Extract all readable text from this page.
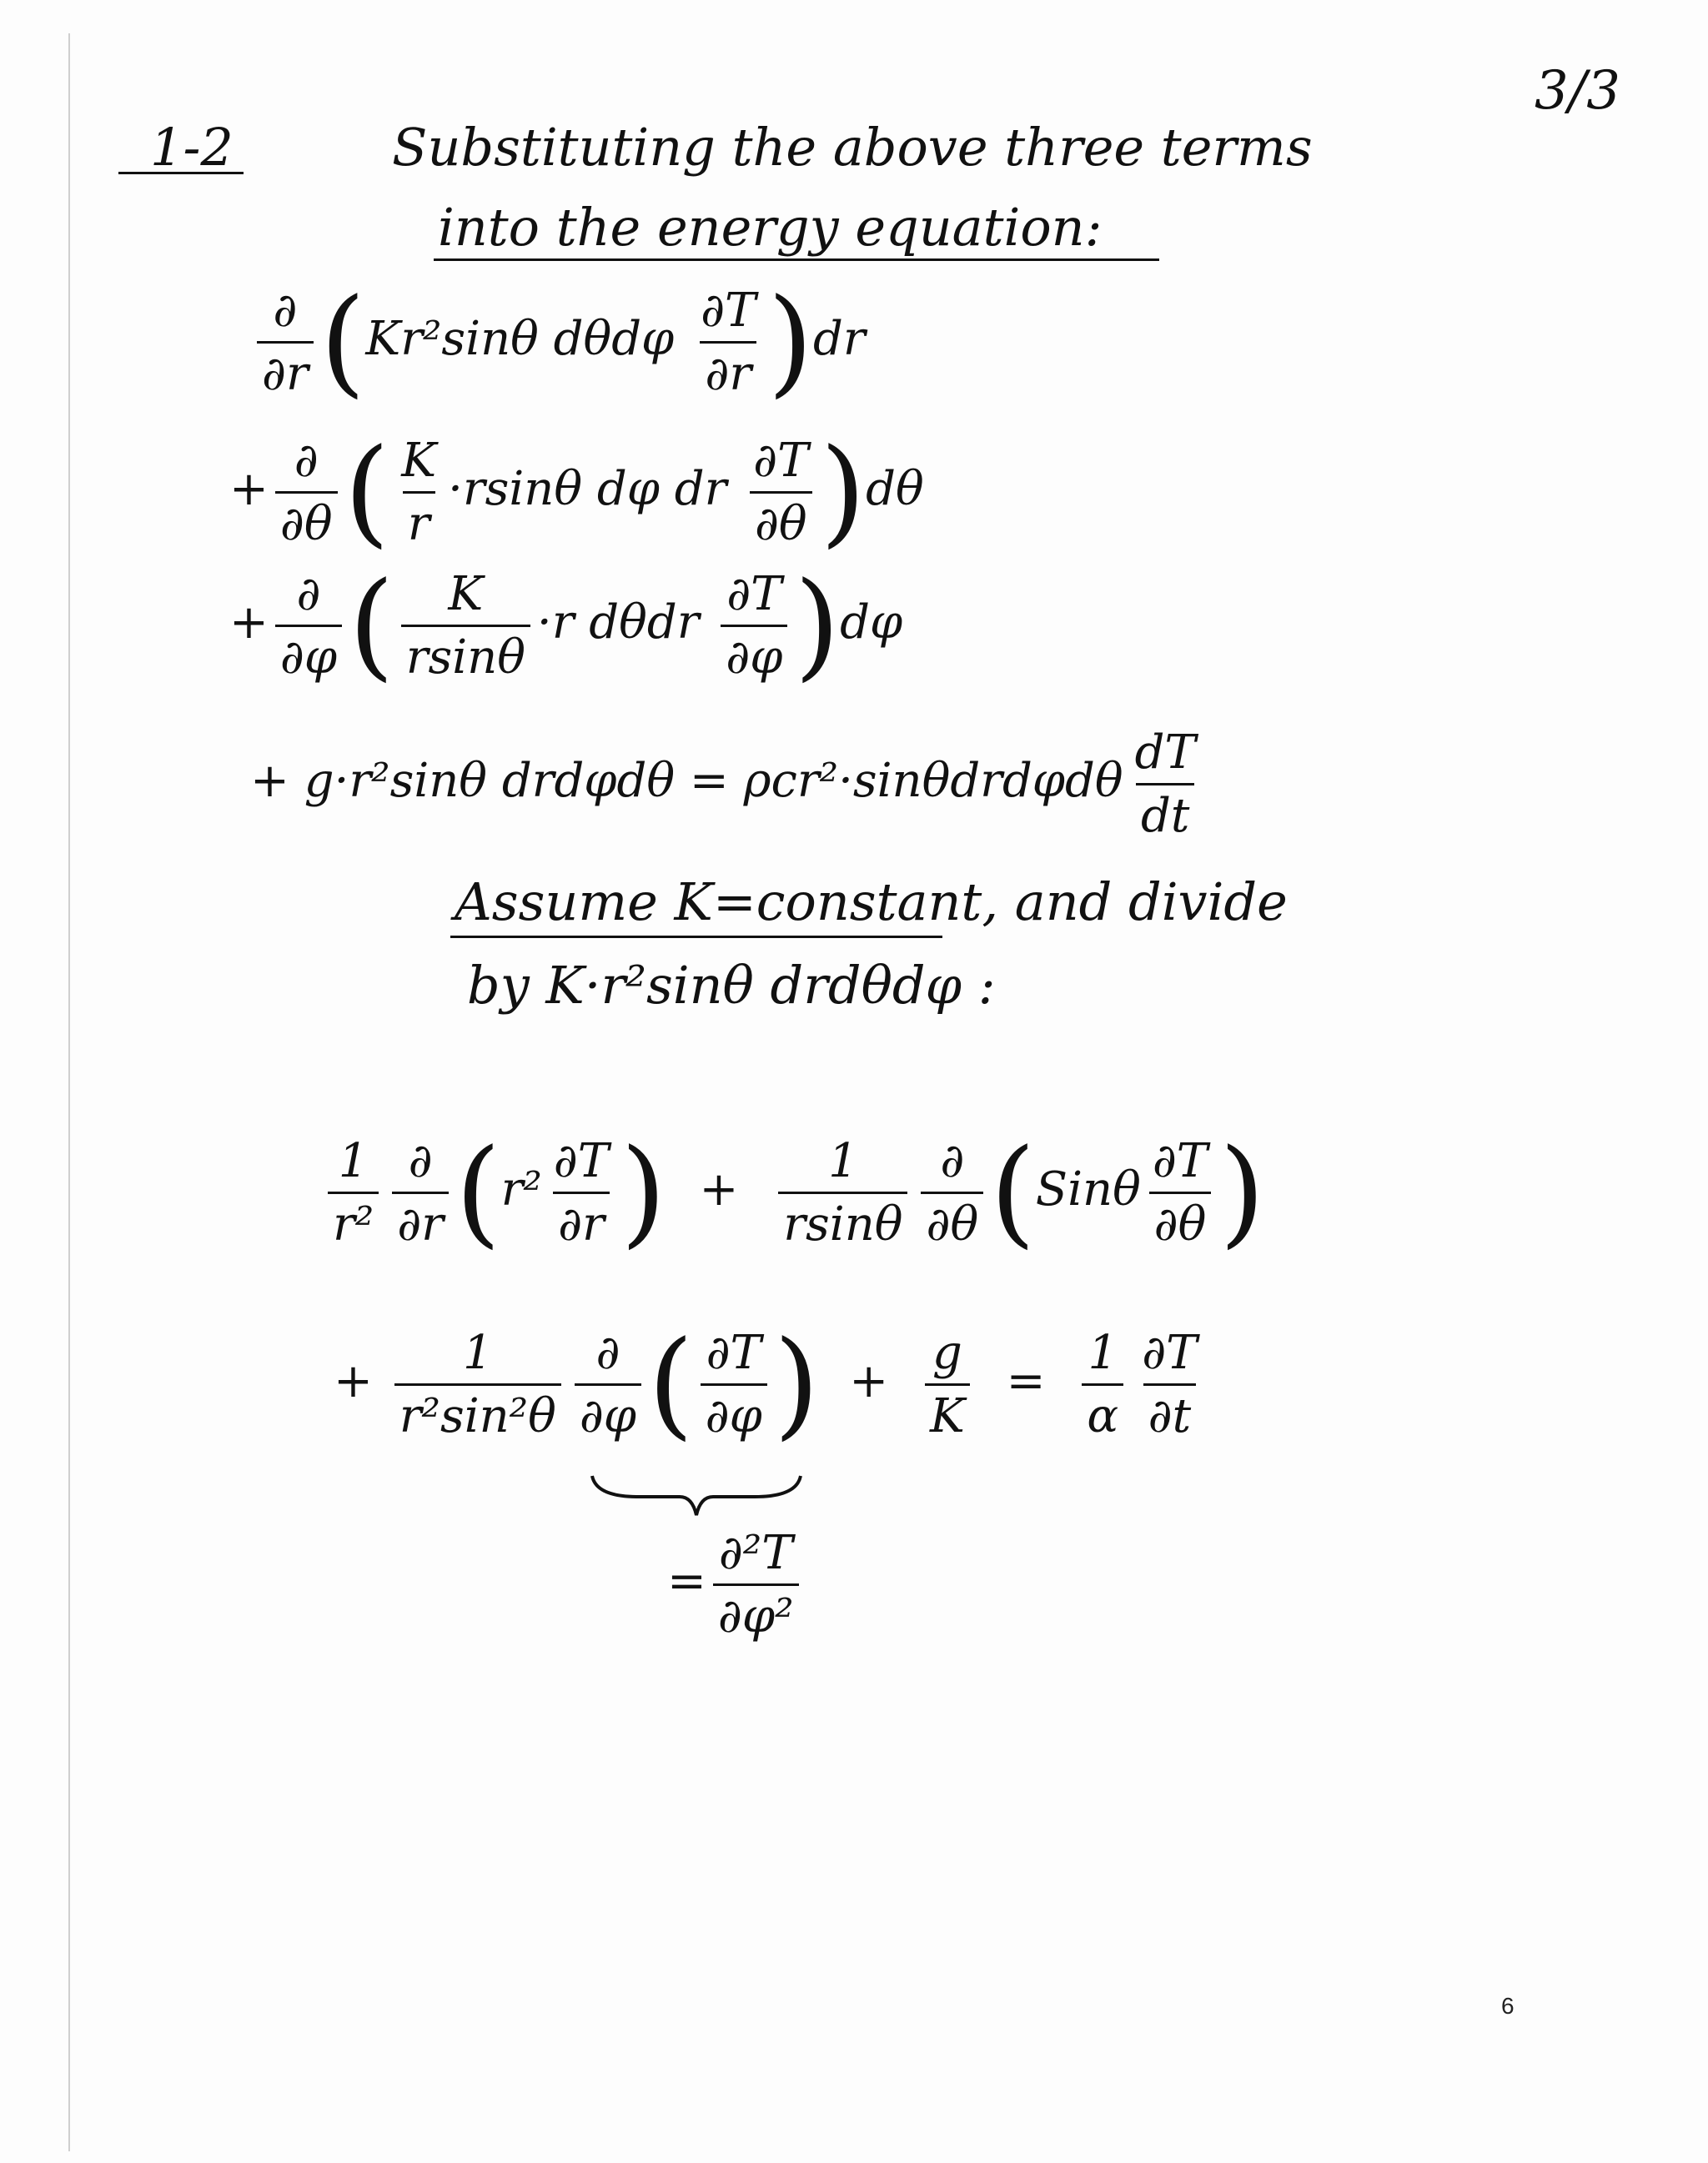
3/3
1-2	Substituting the above three terms
into the energy equation:
$\frac{\partial}{\partial r} (Kr^2\sin\theta$ dθdφ $\frac{\partial T}{\partial r} )dr$
+ $\frac{\partial}{\partial\theta}$ ( $\frac{K}{r} \cdot rsin\theta$ dφ dr $\frac{\partial T}{\partial\theta} )d\theta$
+ $\frac{\partial}{\partial\varphi}$ ( $\frac{K}{rsin\theta} \cdot r$ dθdr $\frac{\partial T}{\partial\varphi} )d\varphi$
+ g·r²sinθ $drd\varphi d\theta = \rho cr^2\cdot\sin\theta drd\varphi d\theta \frac{dT}{dt}$
Assume K=constant, and divide
by K·r²sinθ drdθdφ :
$\frac{1}{\text{r²}} \frac{\partial}{\partial r} (r^2 \frac{\partial T}{\partial r}$ ) + $\frac{1}{rsin\theta} \frac{\partial}{\partial\theta} (Sin\theta \frac{\partial T}{\partial\theta}$ )
+ $\frac{1}{\text{r²sin²θ}} \frac{\partial}{\partial\varphi}$ ( $\frac{\partial T}{\partial\varphi}$ ) + $\frac{g}{K} = \frac{1}{\alpha} \frac{\partial T}{\partial t}$
= $\frac{\text{∂²T}}{\text{∂φ²}}$
6
